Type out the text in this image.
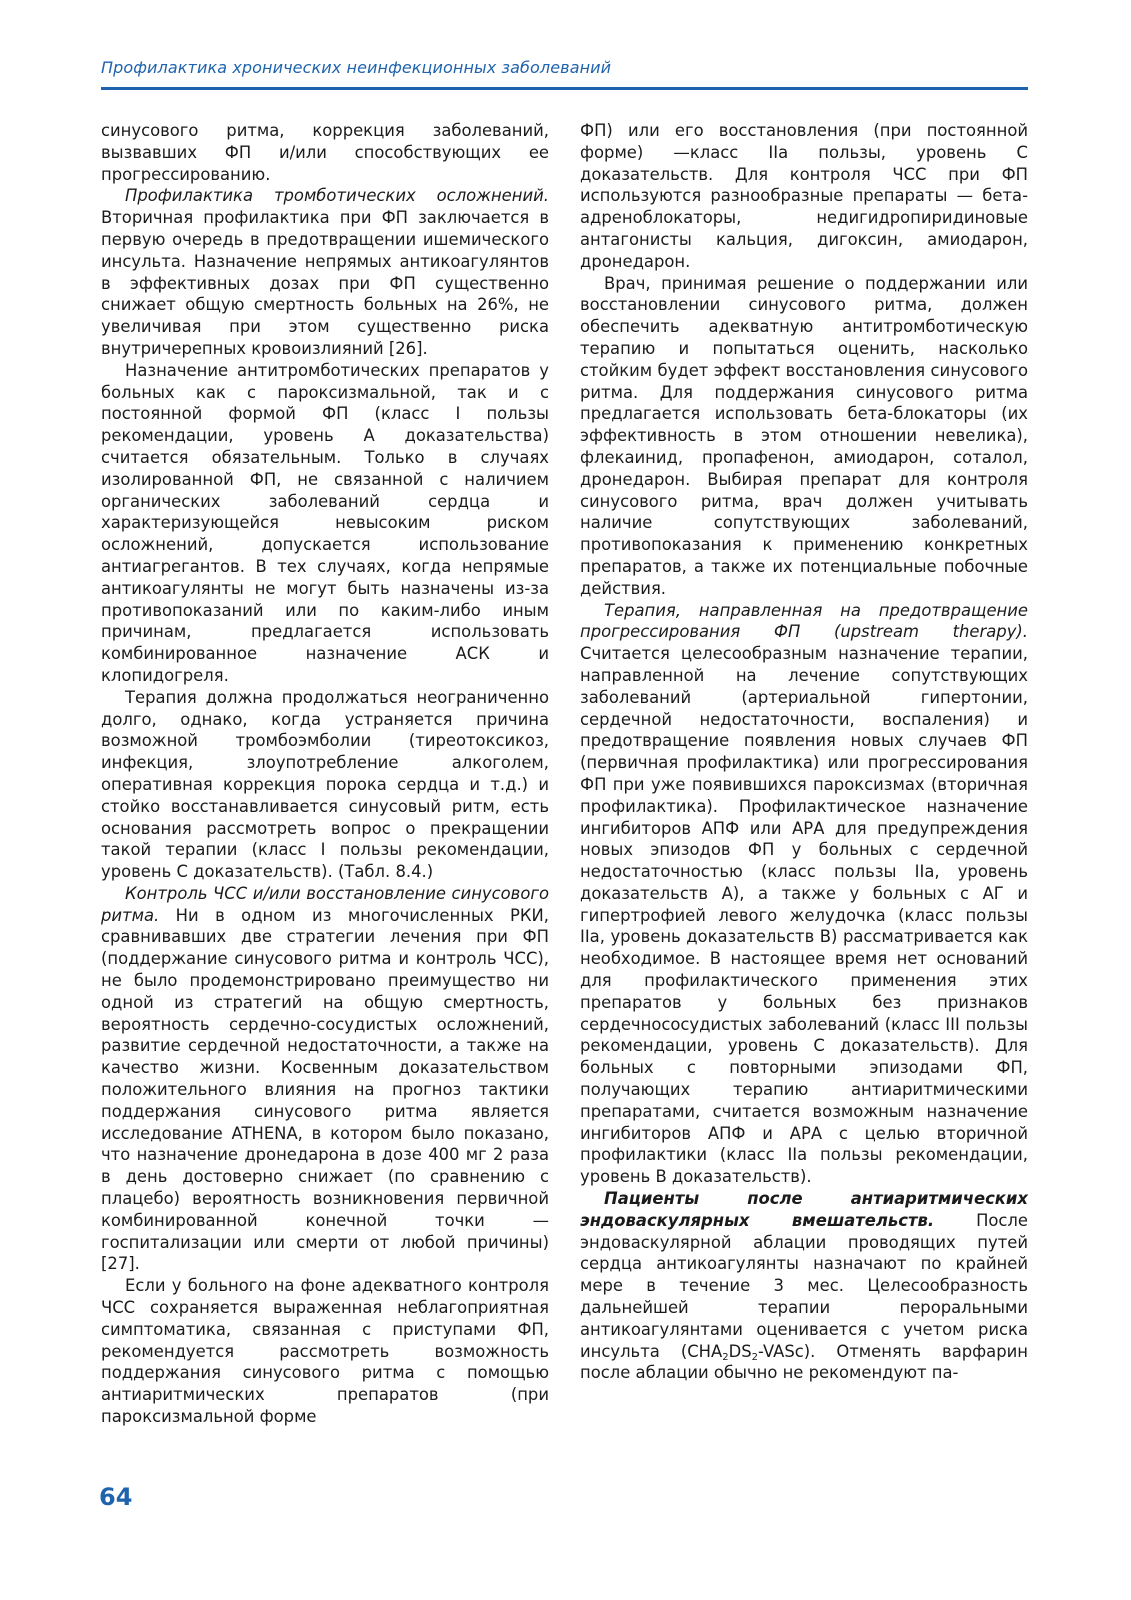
Профилактика хронических неинфекционных заболеваний

синусового ритма, коррекция заболеваний, вызвавших ФП и/или способствующих ее прогрессированию.

Профилактика тромботических осложнений. Вторичная профилактика при ФП заключается в первую очередь в предотвращении ишемического инсульта. Назначение непрямых антикоагулянтов в эффективных дозах при ФП существенно снижает общую смертность больных на 26%, не увеличивая при этом существенно риска внутричерепных кровоизлияний [26].

Назначение антитромботических препаратов у больных как с пароксизмальной, так и с постоянной формой ФП (класс I пользы рекомендации, уровень А доказательства) считается обязательным. Только в случаях изолированной ФП, не связанной с наличием органических заболеваний сердца и характеризующейся невысоким риском осложнений, допускается использование антиагрегантов. В тех случаях, когда непрямые антикоагулянты не могут быть назначены из-за противопоказаний или по каким-либо иным причинам, предлагается использовать комбинированное назначение АСК и клопидогреля.

Терапия должна продолжаться неограниченно долго, однако, когда устраняется причина возможной тромбоэмболии (тиреотоксикоз, инфекция, злоупотребление алкоголем, оперативная коррекция порока сердца и т.д.) и стойко восстанавливается синусовый ритм, есть основания рассмотреть вопрос о прекращении такой терапии (класс I пользы рекомендации, уровень С доказательств). (Табл. 8.4.)

Контроль ЧСС и/или восстановление синусового ритма. Ни в одном из многочисленных РКИ, сравнивавших две стратегии лечения при ФП (поддержание синусового ритма и контроль ЧСС), не было продемонстрировано преимущество ни одной из стратегий на общую смертность, вероятность сердечно-сосудистых осложнений, развитие сердечной недостаточности, а также на качество жизни. Косвенным доказательством положительного влияния на прогноз тактики поддержания синусового ритма является исследование ATHENA, в котором было показано, что назначение дронедарона в дозе 400 мг 2 раза в день достоверно снижает (по сравнению с плацебо) вероятность возникновения первичной комбинированной конечной точки — госпитализации или смерти от любой причины) [27].

Если у больного на фоне адекватного контроля ЧСС сохраняется выраженная неблагоприятная симптоматика, связанная с приступами ФП, рекомендуется рассмотреть возможность поддержания синусового ритма с помощью антиаритмических препаратов (при пароксизмальной форме

ФП) или его восстановления (при постоянной форме) —класс IIa пользы, уровень С доказательств. Для контроля ЧСС при ФП используются разнообразные препараты — бета-адреноблокаторы, недигидропиридиновые антагонисты кальция, дигоксин, амиодарон, дронедарон.

Врач, принимая решение о поддержании или восстановлении синусового ритма, должен обеспечить адекватную антитромботическую терапию и попытаться оценить, насколько стойким будет эффект восстановления синусового ритма. Для поддержания синусового ритма предлагается использовать бета-блокаторы (их эффективность в этом отношении невелика), флекаинид, пропафенон, амиодарон, соталол, дронедарон. Выбирая препарат для контроля синусового ритма, врач должен учитывать наличие сопутствующих заболеваний, противопоказания к применению конкретных препаратов, а также их потенциальные побочные действия.

Терапия, направленная на предотвращение прогрессирования ФП (upstream therapy). Считается целесообразным назначение терапии, направленной на лечение сопутствующих заболеваний (артериальной гипертонии, сердечной недостаточности, воспаления) и предотвращение появления новых случаев ФП (первичная профилактика) или прогрессирования ФП при уже появившихся пароксизмах (вторичная профилактика). Профилактическое назначение ингибиторов АПФ или АРА для предупреждения новых эпизодов ФП у больных с сердечной недостаточностью (класс пользы IIa, уровень доказательств А), а также у больных с АГ и гипертрофией левого желудочка (класс пользы IIa, уровень доказательств В) рассматривается как необходимое. В настоящее время нет оснований для профилактического применения этих препаратов у больных без признаков сердечнососудистых заболеваний (класс III пользы рекомендации, уровень С доказательств). Для больных с повторными эпизодами ФП, получающих терапию антиаритмическими препаратами, считается возможным назначение ингибиторов АПФ и АРА с целью вторичной профилактики (класс IIa пользы рекомендации, уровень В доказательств).

Пациенты после антиаритмических эндоваскулярных вмешательств.	После эндоваскулярной аблации проводящих путей сердца антикоагулянты назначают по крайней мере в течение 3 мес. Целесообразность дальнейшей терапии пероральными антикоагулянтами оценивается с учетом риска инсульта $(CHA_2DS_2-VASc)$. Отменять варфарин после аблации обычно не рекомендуют па-

64
